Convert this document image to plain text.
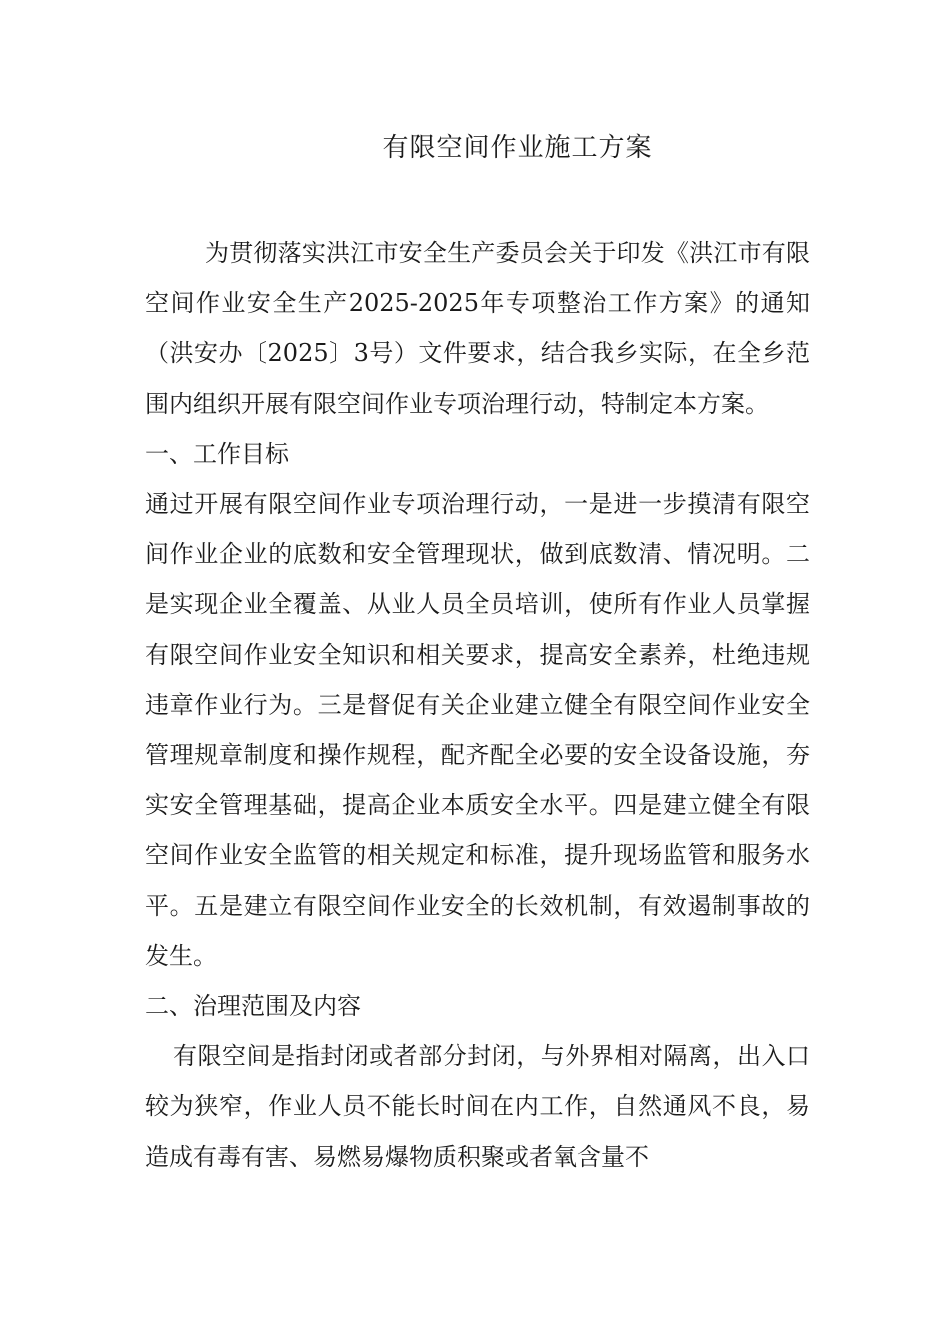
有限空间作业施工方案

为贯彻落实洪江市安全生产委员会关于印发《洪江市有限空间作业安全生产2025-2025年专项整治工作方案》的通知（洪安办〔2025〕3号）文件要求，结合我乡实际，在全乡范围内组织开展有限空间作业专项治理行动，特制定本方案。

一、工作目标

通过开展有限空间作业专项治理行动，一是进一步摸清有限空间作业企业的底数和安全管理现状，做到底数清、情况明。二是实现企业全覆盖、从业人员全员培训，使所有作业人员掌握有限空间作业安全知识和相关要求，提高安全素养，杜绝违规违章作业行为。三是督促有关企业建立健全有限空间作业安全管理规章制度和操作规程，配齐配全必要的安全设备设施，夯实安全管理基础，提高企业本质安全水平。四是建立健全有限空间作业安全监管的相关规定和标准，提升现场监管和服务水平。五是建立有限空间作业安全的长效机制，有效遏制事故的发生。

二、治理范围及内容

有限空间是指封闭或者部分封闭，与外界相对隔离，出入口较为狭窄，作业人员不能长时间在内工作，自然通风不良，易造成有毒有害、易燃易爆物质积聚或者氧含量不
